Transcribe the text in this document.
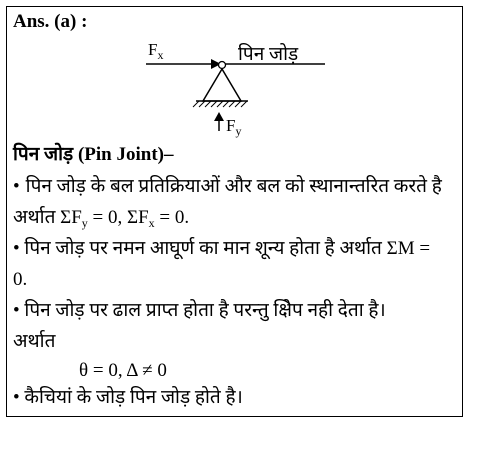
Ans. (a) :
$F_x$	पिन जोड़
$F_y$
पिन जोड़ (Pin Joint)–
• पिन जोड़ के बल प्रतिक्रियाओं और बल को स्थानान्तरित करते है
अर्थात $\Sigma F_y = 0$, $\Sigma F_x = 0$.
• पिन जोड़ पर नमन आघूर्ण का मान शून्य होता है अर्थात ΣM =
0.
• पिन जोड़ पर ढाल प्राप्त होता है परन्तु क्षिेप नही देता है।
अर्थात
θ = 0, Δ ≠ 0
• कैचियां के जोड़ पिन जोड़ होते है।
